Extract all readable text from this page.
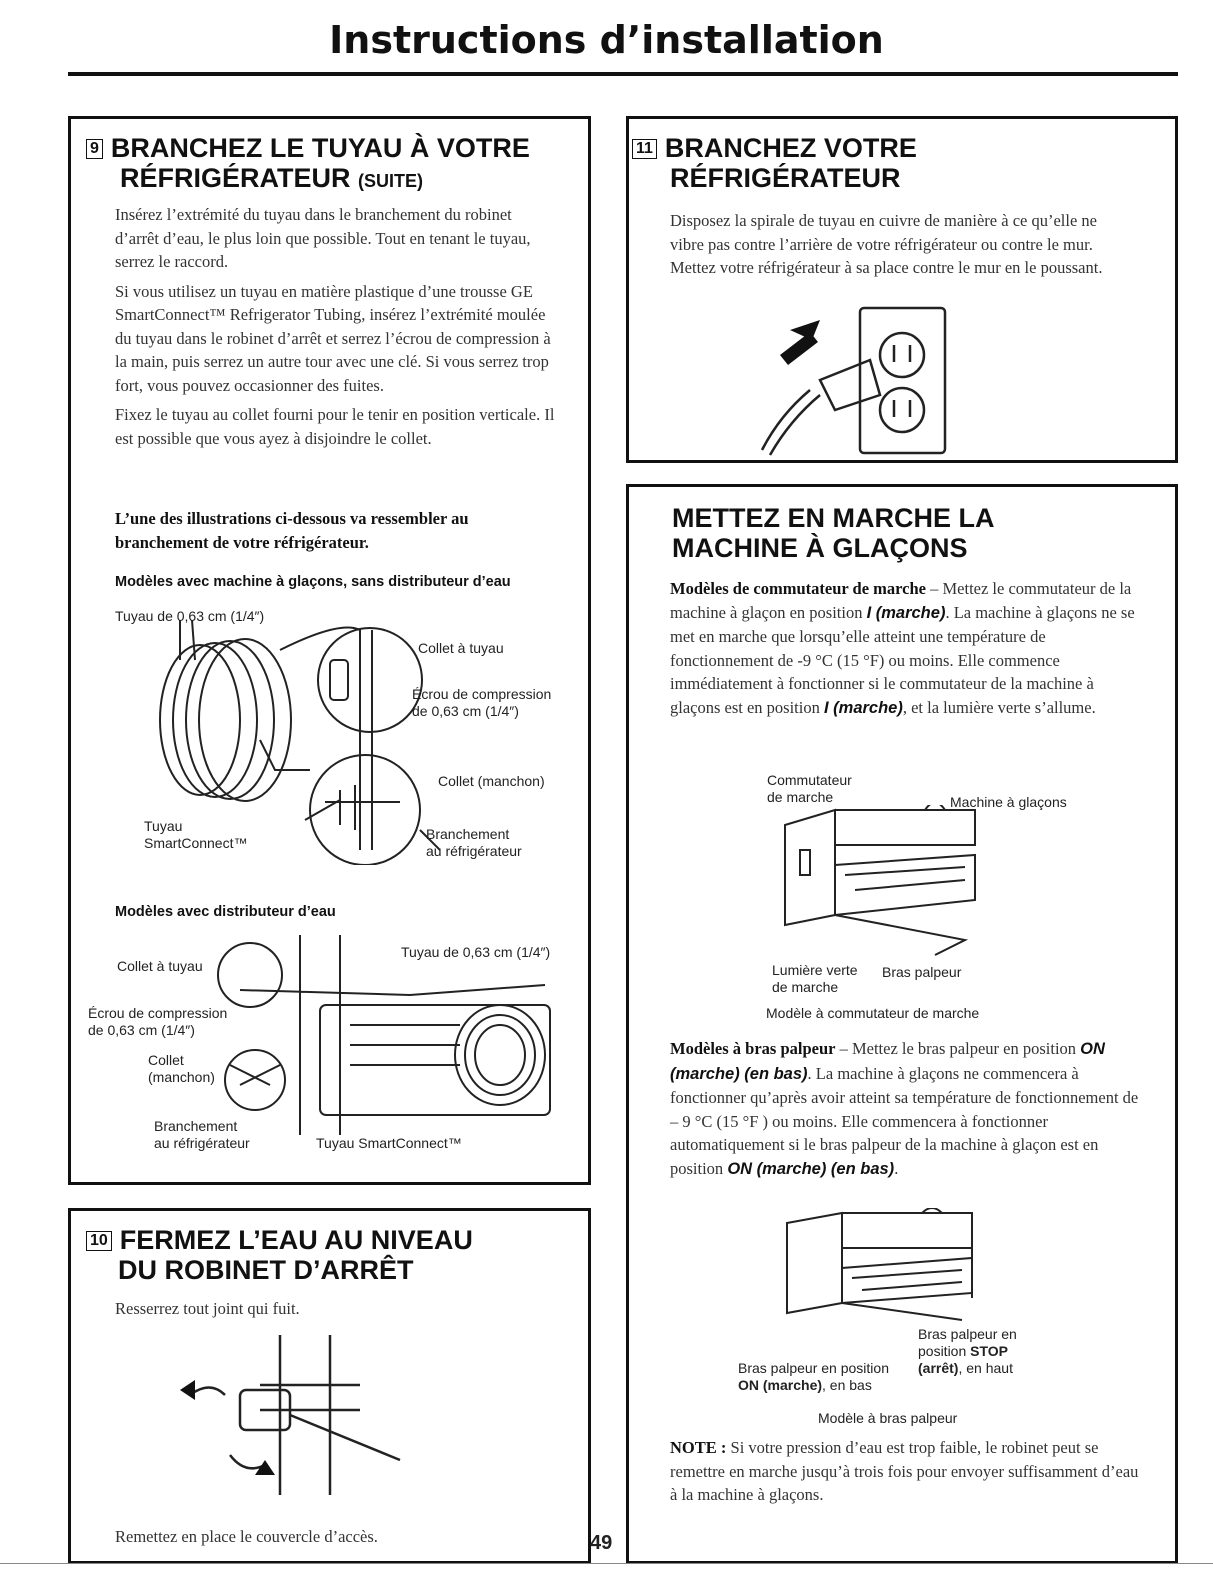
Instructions d’installation
9 BRANCHEZ LE TUYAU À VOTRE
RÉFRIGÉRATEUR (SUITE)

Insérez l’extrémité du tuyau dans le branchement du robinet d’arrêt d’eau, le plus loin que possible. Tout en tenant le tuyau, serrez le raccord.

Si vous utilisez un tuyau en matière plastique d’une trousse GE SmartConnect™ Refrigerator Tubing, insérez l’extrémité moulée du tuyau dans le robinet d’arrêt et serrez l’écrou de compression à la main, puis serrez un autre tour avec une clé. Si vous serrez trop fort, vous pouvez occasionner des fuites.

Fixez le tuyau au collet fourni pour le tenir en position verticale. Il est possible que vous ayez à disjoindre le collet.

L’une des illustrations ci-dessous va ressembler au branchement de votre réfrigérateur.
Modèles avec machine à glaçons, sans distributeur d’eau
Tuyau de 0,63 cm (1/4″)
Collet à tuyau
Écrou de compression
de 0,63 cm (1/4″)
Collet (manchon)
Tuyau
SmartConnect™
Branchement
au réfrigérateur
Modèles avec distributeur d’eau
Collet à tuyau
Tuyau de 0,63 cm (1/4″)
Écrou de compression
de 0,63 cm (1/4″)
Collet
(manchon)
Branchement
au réfrigérateur	Tuyau SmartConnect™
10 FERMEZ L’EAU AU NIVEAU
DU ROBINET D’ARRÊT
Resserrez tout joint qui fuit.
Remettez en place le couvercle d’accès.
11 BRANCHEZ VOTRE
RÉFRIGÉRATEUR
Disposez la spirale de tuyau en cuivre de manière à ce qu’elle ne vibre pas contre l’arrière de votre réfrigérateur ou contre le mur. Mettez votre réfrigérateur à sa place contre le mur en le poussant.
METTEZ EN MARCHE LA
MACHINE À GLAÇONS
Modèles de commutateur de marche – Mettez le commutateur de la machine à glaçon en position I (marche). La machine à glaçons ne se met en marche que lorsqu’elle atteint une température de fonctionnement de -9 °C (15 °F) ou moins. Elle commence immédiatement à fonctionner si le commutateur de la machine à glaçons est en position I (marche), et la lumière verte s’allume.
Commutateur
de marche	Machine à glaçons
Lumière verte
de marche
Bras palpeur
Modèle à commutateur de marche
Modèles à bras palpeur – Mettez le bras palpeur en position ON (marche) (en bas). La machine à glaçons ne commencera à fonctionner qu’après avoir atteint sa température de fonctionnement de – 9 °C (15 °F ) ou moins. Elle commencera à fonctionner automatiquement si le bras palpeur de la machine à glaçon est en position ON (marche) (en bas).
Bras palpeur en
position STOP
(arrêt), en haut
Bras palpeur en position
ON (marche), en bas
Modèle à bras palpeur
NOTE : Si votre pression d’eau est trop faible, le robinet peut se remettre en marche jusqu’à trois fois pour envoyer suffisamment d’eau à la machine à glaçons.
49
